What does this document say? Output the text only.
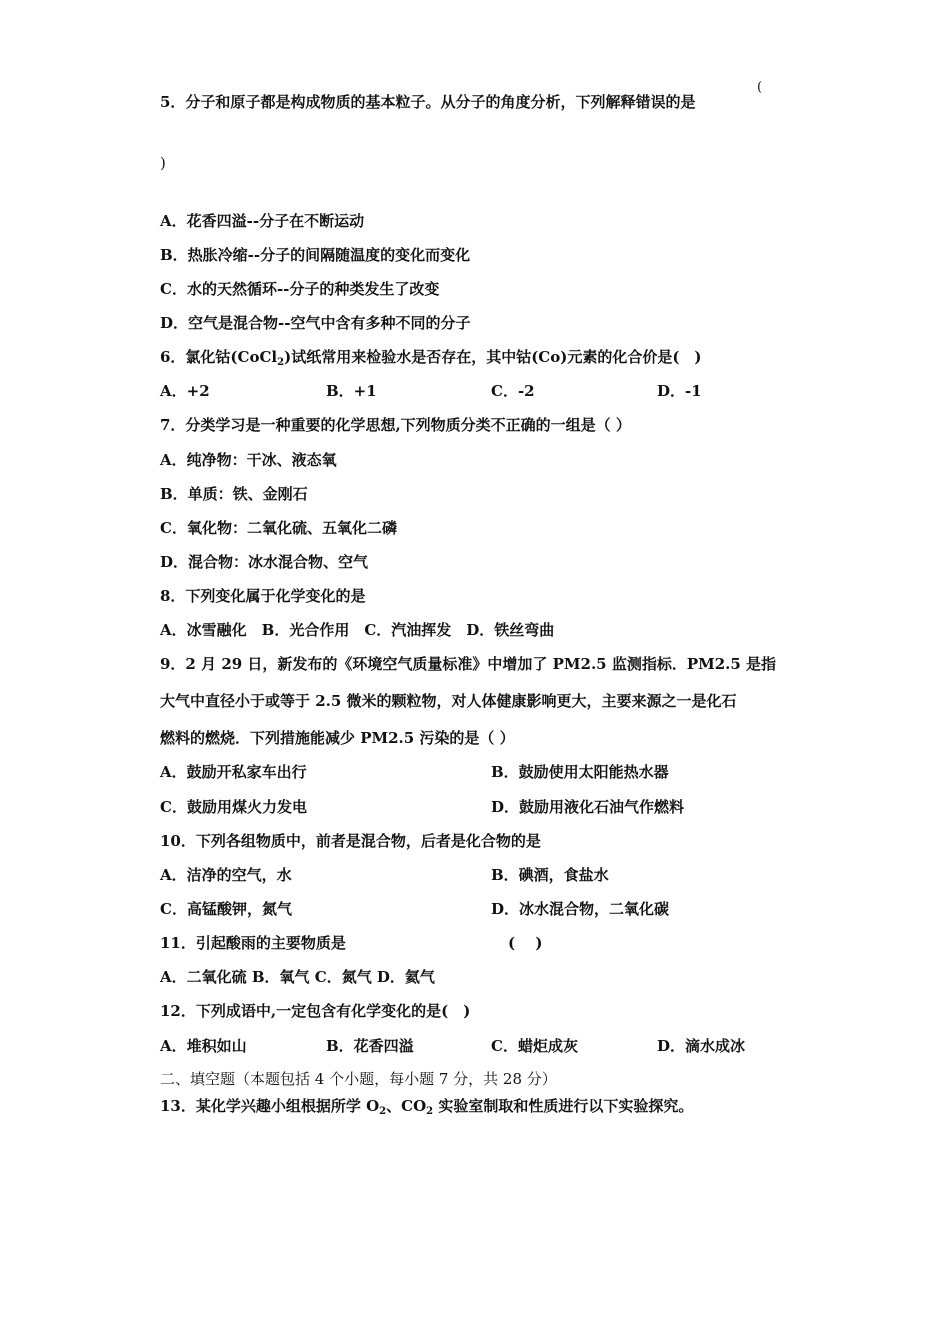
5．分子和原子都是构成物质的基本粒子。从分子的角度分析，下列解释错误的是
(
)
A．花香四溢--分子在不断运动
B．热胀冷缩--分子的间隔随温度的变化而变化
C．水的天然循环--分子的种类发生了改变
D．空气是混合物--空气中含有多种不同的分子
6．氯化钴(CoCl$_2$)试纸常用来检验水是否存在，其中钴(Co)元素的化合价是(　)
A．+2	B．+1	C．-2	D．-1
7．分类学习是一种重要的化学思想,下列物质分类不正确的一组是（ ）
A．纯净物：干冰、液态氧
B．单质：铁、金刚石
C．氧化物：二氧化硫、五氧化二磷
D．混合物：冰水混合物、空气
8．下列变化属于化学变化的是
A．冰雪融化　B．光合作用　C．汽油挥发　D．铁丝弯曲
9．2 月 29 日，新发布的《环境空气质量标准》中增加了 PM2.5 监测指标．PM2.5 是指
大气中直径小于或等于 2.5 微米的颗粒物，对人体健康影响更大，主要来源之一是化石
燃料的燃烧．下列措施能减少 PM2.5 污染的是（ ）
A．鼓励开私家车出行	B．鼓励使用太阳能热水器
C．鼓励用煤火力发电	D．鼓励用液化石油气作燃料
10．下列各组物质中，前者是混合物，后者是化合物的是
A．洁净的空气，水	B．碘酒，食盐水
C．高锰酸钾，氮气	D．冰水混合物，二氧化碳
11．引起酸雨的主要物质是	(　 )
A．二氧化硫 B．氧气 C．氮气 D．氦气
12．下列成语中,一定包含有化学变化的是(　)
A．堆积如山	B．花香四溢	C．蜡炬成灰	D．滴水成冰
二、填空题（本题包括 4 个小题，每小题 7 分，共 28 分）
13．某化学兴趣小组根据所学 $O_2$、$CO_2$ 实验室制取和性质进行以下实验探究。
